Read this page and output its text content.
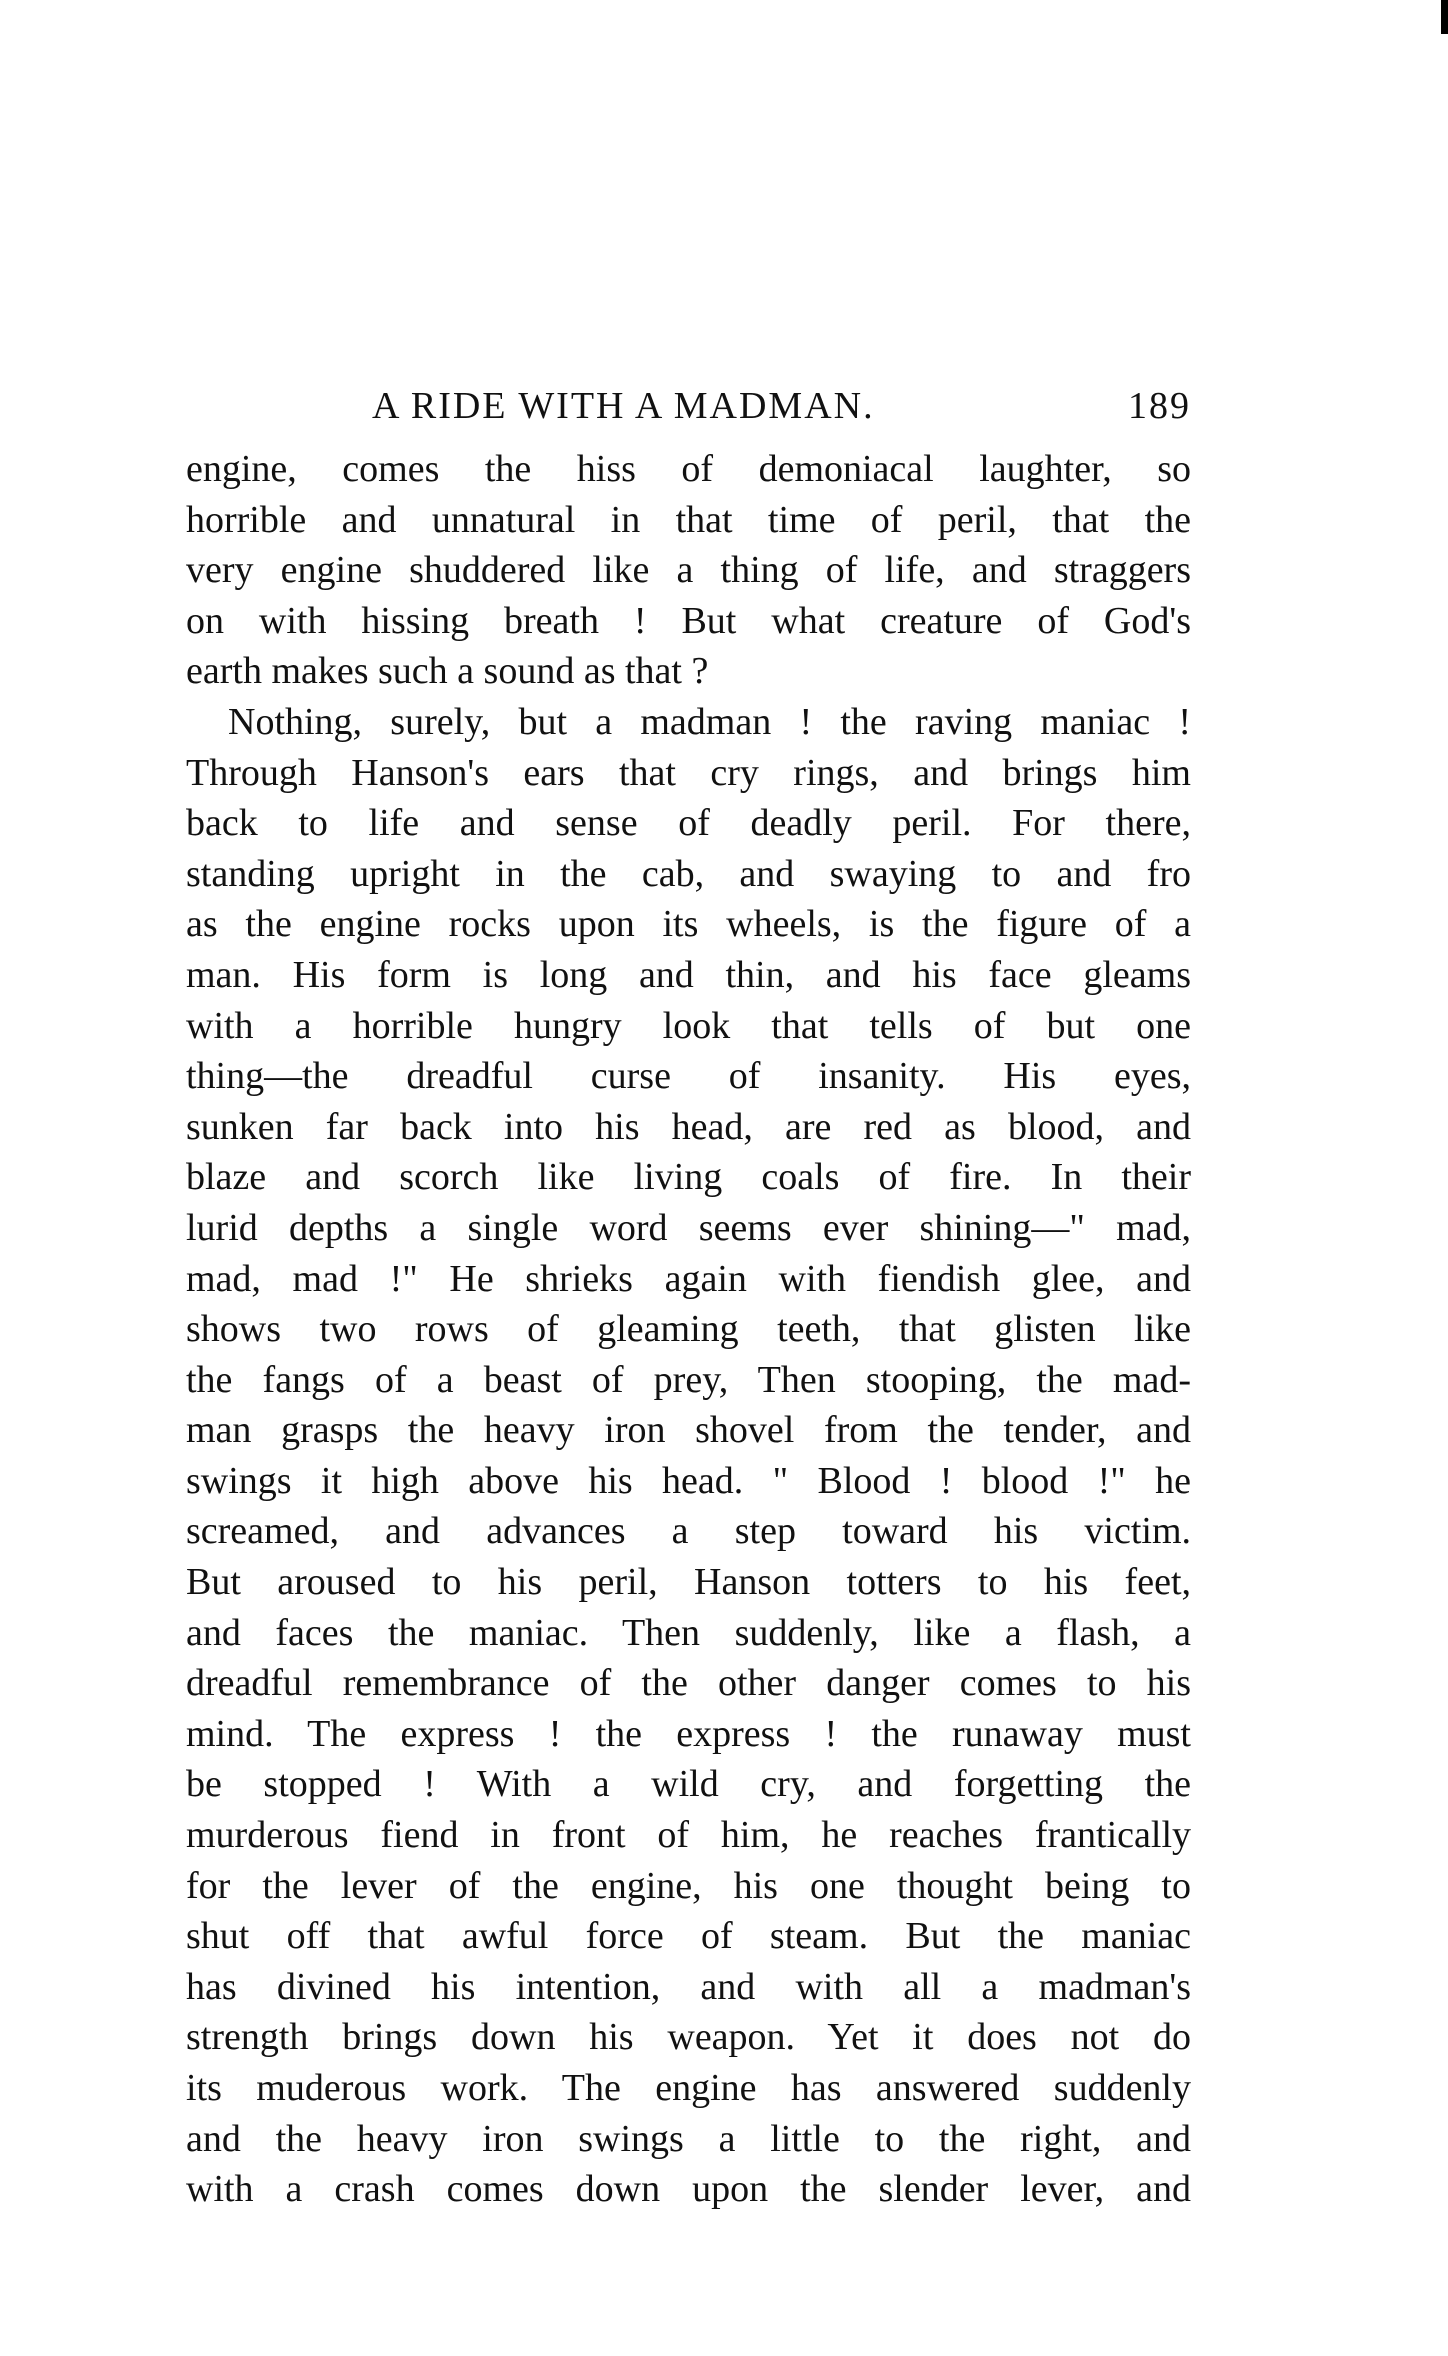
A RIDE WITH A MADMAN.	189
engine, comes the hiss of demoniacal laughter, so
horrible and unnatural in that time of peril, that the
very engine shuddered like a thing of life, and straggers
on with hissing breath ! But what creature of God's
earth makes such a sound as that ?
Nothing, surely, but a madman ! the raving maniac !
Through Hanson's ears that cry rings, and brings him
back to life and sense of deadly peril. For there,
standing upright in the cab, and swaying to and fro
as the engine rocks upon its wheels, is the figure of a
man. His form is long and thin, and his face gleams
with a horrible hungry look that tells of but one
thing—the dreadful curse of insanity. His eyes,
sunken far back into his head, are red as blood, and
blaze and scorch like living coals of fire. In their
lurid depths a single word seems ever shining—" mad,
mad, mad !" He shrieks again with fiendish glee, and
shows two rows of gleaming teeth, that glisten like
the fangs of a beast of prey, Then stooping, the mad-
man grasps the heavy iron shovel from the tender, and
swings it high above his head. " Blood ! blood !" he
screamed, and advances a step toward his victim.
But aroused to his peril, Hanson totters to his feet,
and faces the maniac. Then suddenly, like a flash, a
dreadful remembrance of the other danger comes to his
mind. The express ! the express ! the runaway must
be stopped ! With a wild cry, and forgetting the
murderous fiend in front of him, he reaches frantically
for the lever of the engine, his one thought being to
shut off that awful force of steam. But the maniac
has divined his intention, and with all a madman's
strength brings down his weapon. Yet it does not do
its muderous work. The engine has answered suddenly
and the heavy iron swings a little to the right, and
with a crash comes down upon the slender lever, and
